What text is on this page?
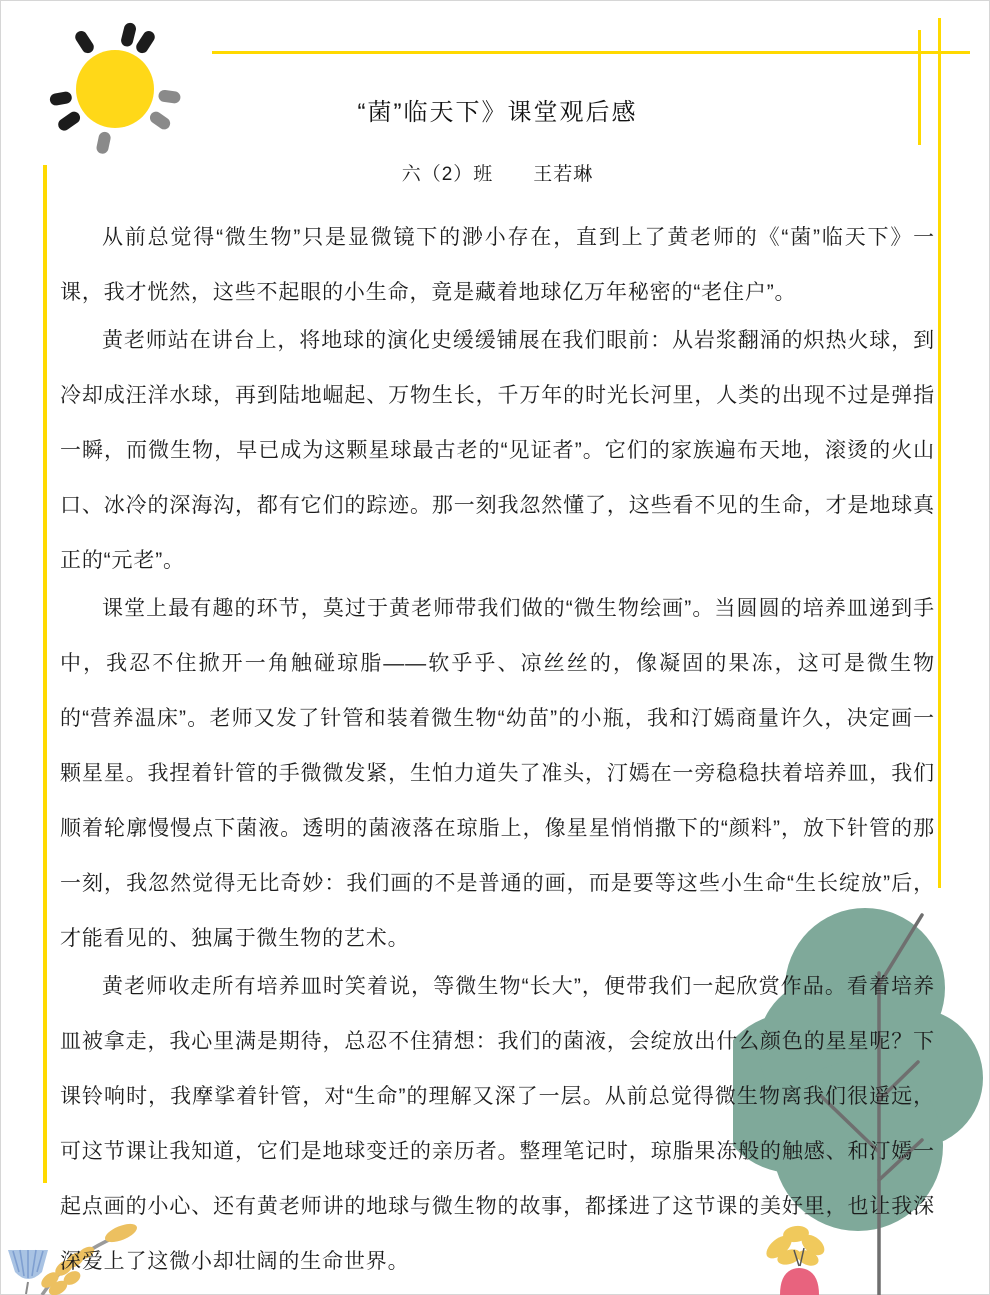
“菌”临天下》课堂观后感
六（2）班　　王若琳

从前总觉得“微生物”只是显微镜下的渺小存在，直到上了黄老师的《“菌”临天下》一课，我才恍然，这些不起眼的小生命，竟是藏着地球亿万年秘密的“老住户”。

黄老师站在讲台上，将地球的演化史缓缓铺展在我们眼前：从岩浆翻涌的炽热火球，到冷却成汪洋水球，再到陆地崛起、万物生长，千万年的时光长河里，人类的出现不过是弹指一瞬，而微生物，早已成为这颗星球最古老的“见证者”。它们的家族遍布天地，滚烫的火山口、冰冷的深海沟，都有它们的踪迹。那一刻我忽然懂了，这些看不见的生命，才是地球真正的“元老”。

课堂上最有趣的环节，莫过于黄老师带我们做的“微生物绘画”。当圆圆的培养皿递到手中，我忍不住掀开一角触碰琼脂——软乎乎、凉丝丝的，像凝固的果冻，这可是微生物的“营养温床”。老师又发了针管和装着微生物“幼苗”的小瓶，我和汀嫣商量许久，决定画一颗星星。我捏着针管的手微微发紧，生怕力道失了准头，汀嫣在一旁稳稳扶着培养皿，我们顺着轮廓慢慢点下菌液。透明的菌液落在琼脂上，像星星悄悄撒下的“颜料”，放下针管的那一刻，我忽然觉得无比奇妙：我们画的不是普通的画，而是要等这些小生命“生长绽放”后，才能看见的、独属于微生物的艺术。

黄老师收走所有培养皿时笑着说，等微生物“长大”，便带我们一起欣赏作品。看着培养皿被拿走，我心里满是期待，总忍不住猜想：我们的菌液，会绽放出什么颜色的星星呢？下课铃响时，我摩挲着针管，对“生命”的理解又深了一层。从前总觉得微生物离我们很遥远，可这节课让我知道，它们是地球变迁的亲历者。整理笔记时，琼脂果冻般的触感、和汀嫣一起点画的小心、还有黄老师讲的地球与微生物的故事，都揉进了这节课的美好里，也让我深深爱上了这微小却壮阔的生命世界。
